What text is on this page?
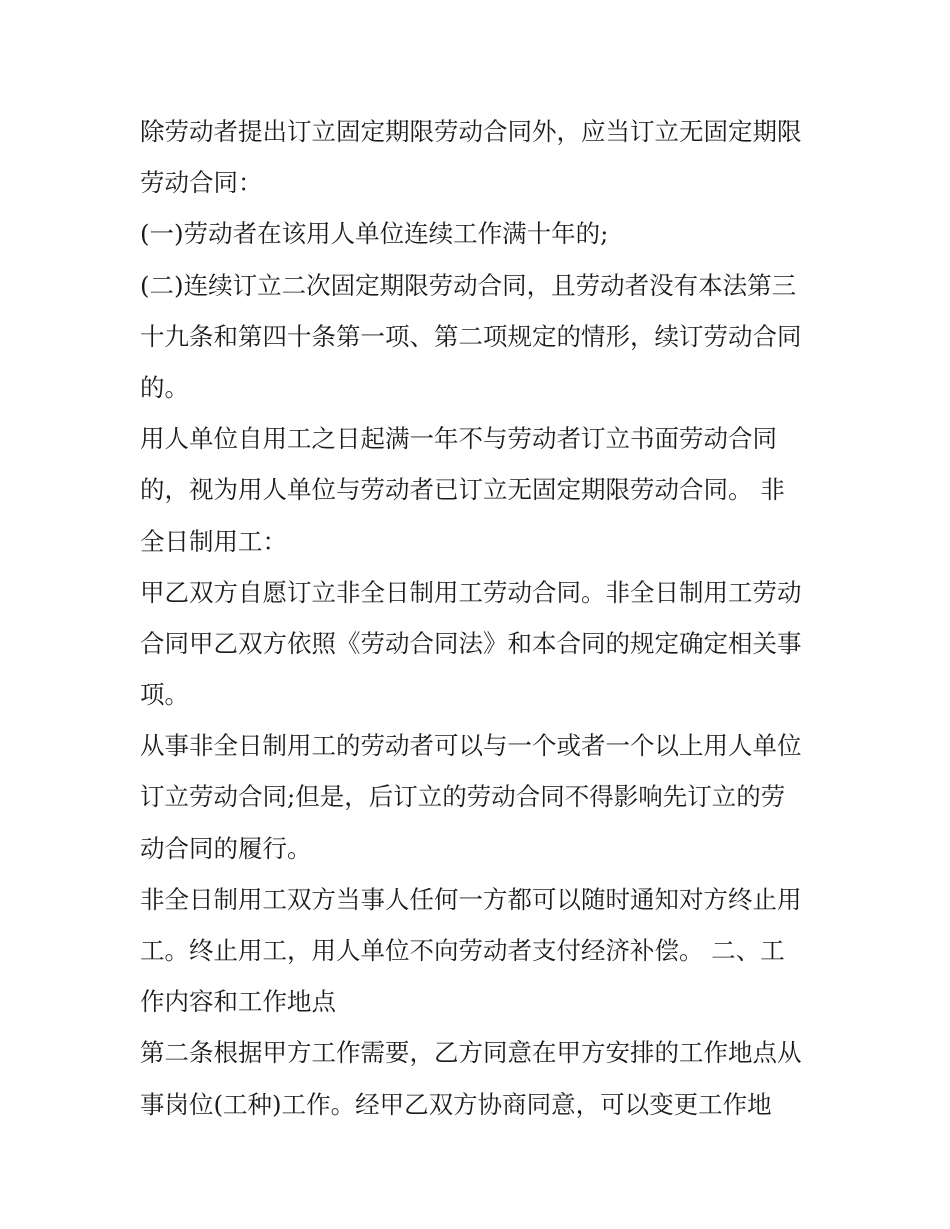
除劳动者提出订立固定期限劳动合同外，应当订立无固定期限
劳动合同：
(一)劳动者在该用人单位连续工作满十年的;
(二)连续订立二次固定期限劳动合同，且劳动者没有本法第三
十九条和第四十条第一项、第二项规定的情形，续订劳动合同
的。
用人单位自用工之日起满一年不与劳动者订立书面劳动合同
的，视为用人单位与劳动者已订立无固定期限劳动合同。 非
全日制用工：
甲乙双方自愿订立非全日制用工劳动合同。非全日制用工劳动
合同甲乙双方依照《劳动合同法》和本合同的规定确定相关事
项。
从事非全日制用工的劳动者可以与一个或者一个以上用人单位
订立劳动合同;但是，后订立的劳动合同不得影响先订立的劳
动合同的履行。
非全日制用工双方当事人任何一方都可以随时通知对方终止用
工。终止用工，用人单位不向劳动者支付经济补偿。 二、工
作内容和工作地点
第二条根据甲方工作需要，乙方同意在甲方安排的工作地点从
事岗位(工种)工作。经甲乙双方协商同意，可以变更工作地
